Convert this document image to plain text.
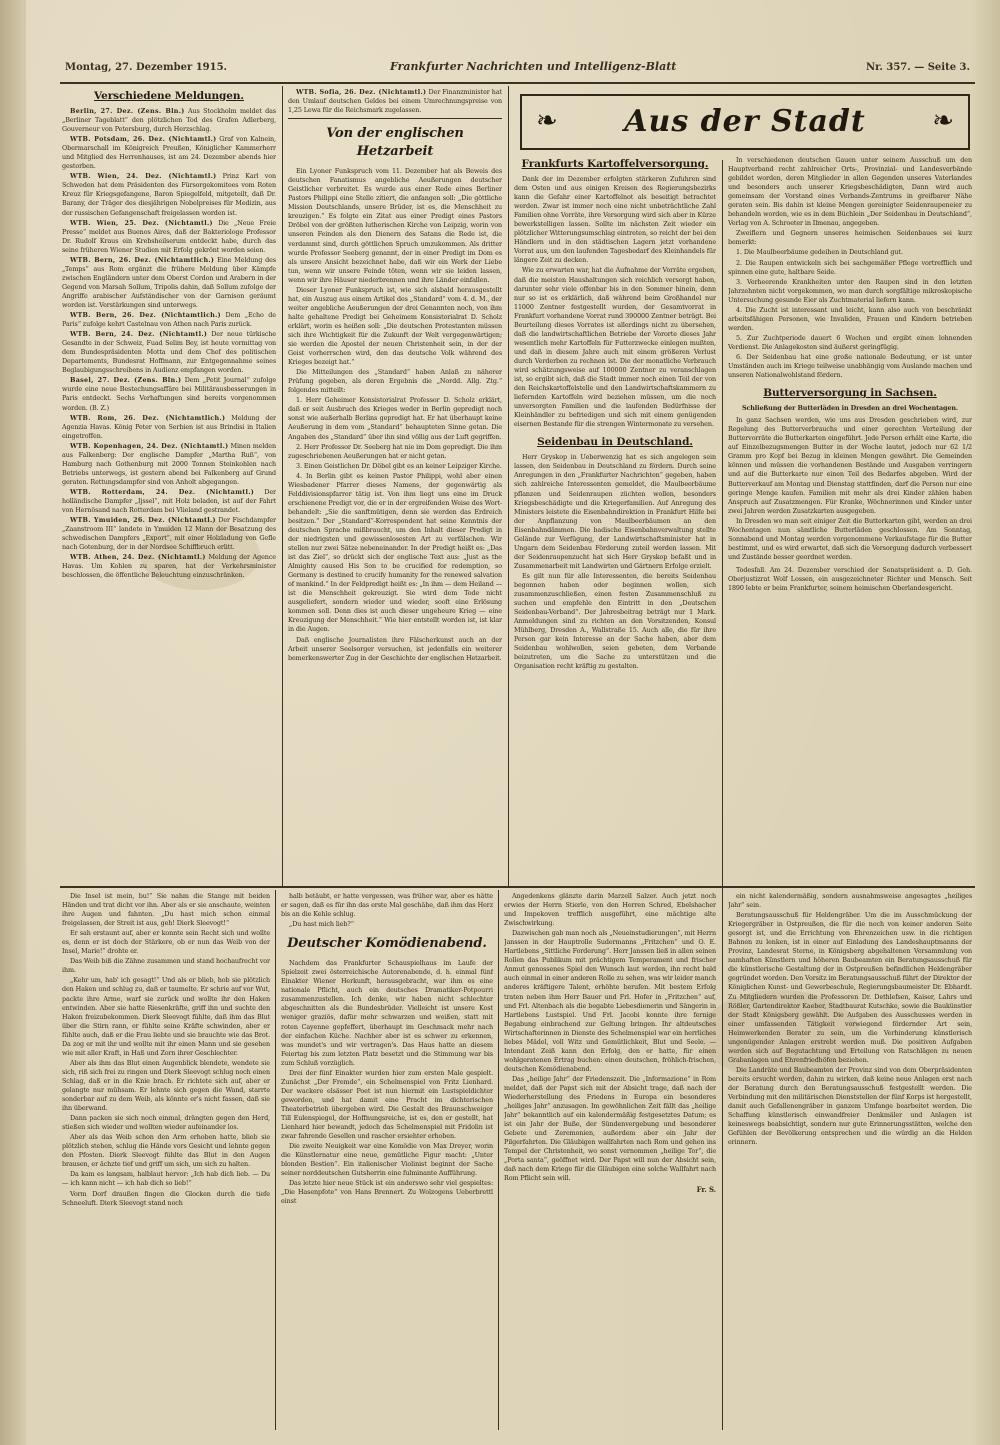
Montag, 27. Dezember 1915.	Frankfurter Nachrichten und Intelligenz-Blatt	Nr. 357. — Seite 3.
Verschiedene Meldungen.

Berlin, 27. Dez. (Zens. Bln.) Aus Stockholm meldet das „Berliner Tageblatt“ den plötzlichen Tod des Grafen Adlerberg, Gouverneur von Petersburg, durch Herzschlag.

WTB. Potsdam, 26. Dez. (Nichtamtl.) Graf von Kalnein, Obermarschall im Königreich Preußen, Königlicher Kammerherr und Mitglied des Herrenhauses, ist am 24. Dezember abends hier gestorben.

WTB. Wien, 24. Dez. (Nichtamtl.) Prinz Karl von Schweden hat dem Präsidenten des Fürsorgekomitees vom Roten Kreuz für Kriegsgefangene, Baron Spiegelfeld, mitgeteilt, daß Dr. Barany, der Träger des diesjährigen Nobelpreises für Medizin, aus der russischen Gefangenschaft freigelassen worden ist.

WTB. Wien, 25. Dez. (Nichtamtl.) Die „Neue Freie Presse“ meldet aus Buenos Aires, daß der Bakteriologe Professor Dr. Rudolf Kraus ein Krebsheilserum entdeckt habe, durch das seine früheren Wiener Studien mit Erfolg gekrönt worden seien.

WTB. Bern, 26. Dez. (Nichtamtlich.) Eine Meldung des „Temps“ aus Rom ergänzt die frühere Meldung über Kämpfe zwischen Engländern unter dem Oberst Cordon und Arabern in der Gegend von Marsah Sollum, Tripolis dahin, daß Sollum zufolge der Angriffe arabischer Aufständischer von der Garnison geräumt worden ist. Verstärkungen sind unterwegs.

WTB. Bern, 26. Dez. (Nichtamtlich.) Dem „Echo de Paris“ zufolge kehrt Castelnau von Athen nach Paris zurück.

WTB. Bern, 24. Dez. (Nichtamtl.) Der neue türkische Gesandte in der Schweiz, Fuad Selim Bey, ist heute vormittag von dem Bundespräsidenten Motta und dem Chef des politischen Departements, Bundesrat Hoffmann, zur Entgegennahme seines Beglaubigungsschreibens in Audienz empfangen worden.

Basel, 27. Dez. (Zens. Bln.) Dem „Petit Journal“ zufolge wurde eine neue Bestechungsaffäre bei Militärausbesserungen in Paris entdeckt. Sechs Verhaftungen sind bereits vorgenommen worden. (B. Z.)

WTB. Rom, 26. Dez. (Nichtamtlich.) Meldung der Agenzia Havas. König Peter von Serbien ist aus Brindisi in Italien eingetroffen.

WTB. Kopenhagen, 24. Dez. (Nichtamtl.) Minen melden aus Falkenberg: Der englische Dampfer „Martha Ruß“, von Hamburg nach Gothenburg mit 2000 Tonnen Steinkohlen nach Betriebs unterwegs, ist gestern abend bei Falkenberg auf Grund geraten. Rettungsdampfer sind von Anholt abgegangen.

WTB. Rotterdam, 24. Dez. (Nichtamtl.) Der holländische Dampfer „Ijssel“, mit Holz beladen, ist auf der Fahrt von Hernösand nach Rotterdam bei Vlieland gestrandet.

WTB. Ymuiden, 26. Dez. (Nichtamtl.) Der Fischdampfer „Zaanstroom III“ landete in Ymuiden 12 Mann der Besatzung des schwedischen Dampfers „Export“, mit einer Holzladung von Gefle nach Gotenburg, der in der Nordsee Schiffbruch erlitt.

WTB. Athen, 24. Dez. (Nichtamtl.) Meldung der Agence Havas. Um Kohlen zu sparen, hat der Verkehrsminister beschlossen, die öffentliche Beleuchtung einzuschränken.

WTB. Sofia, 26. Dez. (Nichtamtl.) Der Finanzminister hat den Umlauf deutschen Geldes bei einem Umrechnungspreise von 1,25 Lewa für die Reichsmark zugelassen.

Von der englischen Hetzarbeit

Ein Lyoner Funkspruch vom 11. Dezember hat als Beweis des deutschen Fanatismus angebliche Aeußerungen deutscher Geistlicher verbreitet. Es wurde aus einer Rede eines Berliner Pastors Philippi eine Stelle zitiert, die anfangen soll: „Die göttliche Mission Deutschlands, unsere Brüder, ist es, die Menschheit zu kreuzigen.“ Es folgte ein Zitat aus einer Predigt eines Pastors Dröbel von der größten lutherischen Kirche von Leipzig, worin von unseren Feinden als den Dienern des Satans die Rede ist, die verdammt sind, durch göttlichen Spruch umzukommen. Als dritter wurde Professor Seeberg genannt, der in einer Predigt im Dom es als unsere Ansicht bezeichnet habe, daß wir ein Werk der Liebe tun, wenn wir unsere Feinde töten, wenn wir sie leiden lassen, wenn wir ihre Häuser niederbrennen und ihre Länder einfallen.

Dieser Lyoner Funkspruch ist, wie sich alsbald herausgestellt hat, ein Auszug aus einem Artikel des „Standard“ vom 4. d. M., der weiter angebliche Aeußerungen der drei Genannten noch, von ihm halte gehaltene Predigt bei Geheimem Konsistorialrat D. Scholz erklärt, worin es heißen soll: „Die deutschen Protestanten müssen sich ihre Wichtigkeit für die Zukunft der Welt vergegenwärtigen; sie werden die Apostel der neuen Christenheit sein, in der der Geist vorherrschen wird, den das deutsche Volk während des Krieges bezeigt hat.“

Die Mitteilungen des „Standard“ haben Anlaß zu näherer Prüfung gegeben, als deren Ergebnis die „Nordd. Allg. Ztg.“ folgendes mitteilt:

1. Herr Geheimer Konsistorialrat Professor D. Scholz erklärt, daß er seit Ausbruch des Krieges weder in Berlin gepredigt noch sonst wie außerhalb Berlins gepredigt hat. Er hat überhaupt keine Aeußerung in dem vom „Standard“ behaupteten Sinne getan. Die Angaben des „Standard“ über ihn sind völlig aus der Luft gegriffen.

2. Herr Professor Dr. Seeberg hat nie im Dom gepredigt. Die ihm zugeschriebenen Aeußerungen hat er nicht getan.

3. Einen Geistlichen Dr. Döbel gibt es an keiner Leipziger Kirche.

4. In Berlin gibt es keinen Pastor Philippi, wohl aber einen Wiesbadener Pfarrer dieses Namens, der gegenwärtig als Felddivisionspfarrer tätig ist. Von ihm liegt uns eine im Druck erschienene Predigt vor, die er in der ergreifenden Weise des Wort-behandelt: „Sie die sanftmütigen, denn sie werden das Erdreich besitzen.“ Der „Standard“-Korrespondent hat seine Kenntnis der deutschen Sprache mißbraucht, um den Inhalt dieser Predigt in der niedrigsten und gewissenlosesten Art zu verfälschen. Wir stellen nur zwei Sätze nebeneinander. In der Predigt heißt es: „Das ist das Ziel“, so drückt sich der englische Text aus: „Just as the Almighty caused His Son to be crucified for redemption, so Germany is destined to crucify humanity for the renewed salvation of mankind.“ In der Feldpredigt heißt es: „In ihm — dem Heiland — ist die Menschheit gekreuzigt. Sie wird dem Tode nicht ausgeliefert, sondern wieder und wieder, sooft eine Erlösung kommen soll. Denn dies ist auch dieser ungeheure Krieg — eine Kreuzigung der Menschheit.“ Wie hier entstellt worden ist, ist klar in die Augen.

Daß englische Journalisten ihre Fälscherkunst auch an der Arbeit unserer Seelsorger versuchen, ist jedenfalls ein weiterer bemerkenswerter Zug in der Geschichte der englischen Hetzarbeit.

❧	Aus der Stadt	❧
Frankfurts Kartoffelversorgung.

Dank der im Dezember erfolgten stärkeren Zufuhren sind dem Osten und aus einigen Kreisen des Regierungsbezirks kann die Gefahr einer Kartoffelnot als beseitigt betrachtet werden. Zwar ist immer noch eine nicht unbeträchtliche Zahl Familien ohne Vorräte, ihre Versorgung wird sich aber in Kürze bewerkstelligen lassen. Sollte im nächsten Zeit wieder ein plötzlicher Witterungsumschlag eintreten, so reicht der bei den Händlern und in den städtischen Lagern jetzt vorhandene Vorrat aus, um den laufenden Tagesbedarf des Kleinhandels für längere Zeit zu decken.

Wie zu erwarten war, hat die Aufnahme der Vorräte ergeben, daß die meisten Haushaltungen sich reichlich versorgt haben, darunter sehr viele offenbar bis in den Sommer hinein, denn nur so ist es erklärlich, daß während beim Großhandel nur 11000 Zentner festgestellt wurden, der Gesamtvorrat in Frankfurt vorhandene Vorrat rund 390000 Zentner beträgt. Bei Beurteilung dieses Vorrates ist allerdings nicht zu übersehen, daß die landwirtschaftlichen Betriebe der Vororte dieses Jahr wesentlich mehr Kartoffeln für Futterzwecke einlegen mußten, und daß in diesem Jahre auch mit einem größeren Verlust durch Verderben zu rechnen ist. Die der monatliche Verbrauch wird schätzungsweise auf 100000 Zentner zu veranschlagen ist, so ergibt sich, daß die Stadt immer noch einen Teil der von den Reichskartoffelstelle und den Landwirtschaftskammern zu liefernden Kartoffeln wird beziehen müssen, um die noch unversorgten Familien und die laufenden Bedürfnisse der Kleinhändler zu befriedigen und sich mit einem genügenden eisernen Bestande für die strengen Wintermonate zu versehen.

Seidenbau in Deutschland.

Herr Gryskop in Ueberwenzig hat es sich angelegen sein lassen, den Seidenbau in Deutschland zu fördern. Durch seine Anregungen in den „Frankfurter Nachrichten“ gegeben, haben sich zahlreiche Interessenten gemeldet, die Maulbeerbäume pflanzen und Seidenraupen züchten wollen, besonders Kriegsbeschädigte und die Kriegerfamilien. Auf Anregung des Ministers leistete die Eisenbahndirektion in Frankfurt Hilfe bei der Anpflanzung von Maulbeerbäumen an den Eisenbahndämmen. Die badische Eisenbahnverwaltung stellte Gelände zur Verfügung, der Landwirtschaftsminister hat in Ungarn dem Seidenbau Förderung zuteil werden lassen. Mit der Seidenraupenzucht hat sich Herr Gryskop befaßt und in Zusammenarbeit mit Landwirten und Gärtnern Erfolge erzielt.

Es gilt nun für alle Interessenten, die bereits Seidenbau begonnen haben oder beginnen wollen, sich zusammenzuschließen, einen festen Zusammenschluß zu suchen und empfehle den Eintritt in den „Deutschen Seidenbau-Verband“. Der Jahresbeitrag beträgt nur 1 Mark. Anmeldungen sind zu richten an den Vorsitzenden, Konsul Mühlberg, Dresden A., Wallstraße 15. Auch alle, die für ihre Person gar kein Interesse an der Sache haben, aber dem Seidenbau wohlwollen, seien gebeten, dem Verbande beizutreten, um die Sache zu unterstützen und die Organisation recht kräftig zu gestalten.

In verschiedenen deutschen Gauen unter seinem Ausschuß um den Hauptverband recht zahlreicher Orts-, Provinzial- und Landesverbände gebildet worden, deren Mitglieder in allen Gegenden unseres Vaterlandes und besonders auch unserer Kriegsbeschädigten, Dann wird auch gemeinsam der Vorstand eines Verbands-Zentrums in greifbarer Nähe geraten sein. Bis dahin ist kleine Mengen gereinigter Seidenraupeneier zu behandeln worden, wie es in dem Büchlein „Der Seidenbau in Deutschland“, Verlag von A. Schroeter in Ilmenau, angegeben.

Zweiflern und Gegnern unseres heimischen Seidenbaues sei kurz bemerkt:

1. Die Maulbeerbäume gedeihen in Deutschland gut.

2. Die Raupen entwickeln sich bei sachgemäßer Pflege vortrefflich und spinnen eine gute, haltbare Seide.

3. Verheerende Krankheiten unter den Raupen sind in den letzten Jahrzehnten nicht vorgekommen, wo man durch sorgfältige mikroskopische Untersuchung gesunde Eier als Zuchtmaterial liefern kann.

4. Die Zucht ist interessant und leicht, kann also auch von beschränkt arbeitsfähigen Personen, wie Invaliden, Frauen und Kindern betrieben werden.

5. Zur Zuchtperiode dauert 6 Wochen und ergibt einen lohnenden Verdienst. Die Anlagekosten sind äußerst geringfügig.

6. Der Seidenbau hat eine große nationale Bedeutung, er ist unter Umständen auch im Kriege teilweise unabhängig vom Auslande machen und unseren Nationalwohlstand fördern.

Butterversorgung in Sachsen.
Schließung der Butterläden in Dresden an drei Wochentagen.

In ganz Sachsen werden, wie uns aus Dresden geschrieben wird, zur Regelung des Butterverbrauchs und einer gerechten Verteilung der Buttervorräte die Butterkarten eingeführt. Jede Person erhält eine Karte, die auf Einzelbezugsmengen Butter in der Woche lautet, jedoch nur 62 1/2 Gramm pro Kopf bei Bezug in kleinen Mengen gewährt. Die Gemeinden können und müssen die vorhandenen Bestände und Ausgaben verringern und auf die Butterkarte nur einen Teil des Bedarfes abgeben. Wird der Butterverkauf am Montag und Dienstag stattfinden, darf die Person nur eine geringe Menge kaufen. Familien mit mehr als drei Kinder zählen haben Anspruch auf Zusatzmengen. Für Kranke, Wöchnerinnen und Kinder unter zwei Jahren werden Zusatzkarten ausgegeben.

In Dresden wo man seit einiger Zeit die Butterkarten gibt, werden an drei Wochentagen nun sämtliche Butterläden geschlossen. Am Sonntag, Sonnabend und Montag werden vorgenommene Verkaufstage für die Butter bestimmt, und es wird erwartet, daß sich die Versorgung dadurch verbessert und Zustände besser geordnet werden.

Todesfall. Am 24. Dezember verschied der Senatspräsident a. D. Geh. Oberjustizrat Wolf Lossen, ein ausgezeichneter Richter und Mensch. Seit 1890 lebte er beim Frankfurter, seinem heimischen Oberlandesgericht.

Die Insel ist mein, bu!“ Sie nahm die Stange mit beiden Händen und trat dicht vor ihn. Aber als er sie anschaute, weinten ihre Augen und fahnten. „Du hast mich schon einmal freigelassen, der Streit ist aus, geh! Dierk Sleevogt!“

Er sah erstaunt auf, aber er konnte sein Recht sich und wollte es, denn er ist doch der Stärkere, ob er nun das Weib von der Insel, Marie!“ drohte er.

Das Weib biß die Zähne zusammen und stand hochaufrecht vor ihm.

„Kehr um, hab' ich gesagt!“ Und als er blieb, hob sie plötzlich den Haken und schlug zu, daß er taumelte. Er schrie auf vor Wut, packte ihre Arme, warf sie zurück und wollte ihr den Haken entwinden. Aber sie hatte Riesenkräfte, griff ihn und suchte den Haken freizubekommen. Dierk Sleevogt fühlte, daß ihm das Blut über die Stirn rann, er fühlte seine Kräfte schwinden, aber er fühlte auch, daß er die Frau liebte und sie brauchte wie das Brot. Da zog er mit ihr und wollte mit ihr einen Mann und sie gesehen wie mit aller Kraft, in Haß und Zorn ihrer Geschlechter.

Aber als ihm das Blut einen Augenblick blendete, wendete sie sich, riß sich frei zu ringen und Dierk Sleevogt schlug noch einen Schlag, daß er in die Knie brach. Er richtete sich auf, aber er gelangte nur mühsam. Er lehnte sich gegen die Wand, starrte sonderbar auf zu dem Weib, als könnte er's nicht fassen, daß sie ihn überwand.

Dann packen sie sich noch einmal, drängten gegen den Herd, stießen sich wieder und wollten wieder aufeinander los.

Aber als das Weib schon den Arm erhoben hatte, blieb sie plötzlich stehen, schlug die Hände vors Gesicht und lehnte gegen den Pfosten. Dierk Sleevogt fühlte das Blut in den Augen brausen, er ächzte tief und griff um sich, um sich zu halten.

Da kam es langsam, halblaut hervor: „Ich hab dich lieb. — Du — ich kann nicht — ich hab dich so lieb!“

Vorm Dorf draußen fingen die Glocken durch die tiefe Schneeluft. Dierk Sleevogt stand noch

halb betäubt, er hatte vergessen, was früher war, aber es hätte er sagen, daß es für ihn das erste Mal geschähe, daß ihm das Herz bis an die Kehle schlug.

„Du hast mich lieb?“

Deutscher Komödienabend.

Nachdem das Frankfurter Schauspielhaus im Laufe der Spielzeit zwei österreichische Autorenabende, d. h. einmal fünf Einakter Wiener Herkunft, herausgebracht, war ihm es eine nationale Pflicht, auch ein deutsches Dramatiker-Potpourri zusammenzustellen. Ich denke, wir haben nicht schlechter abgeschnitten als die Bundesbrüder. Vielleicht ist unsere Kost weniger graziös, dafür mehr schwarzen und weißen, statt mit roten Cayenne gepfeffert, überhaupt im Geschmack mehr nach der einfachen Küche. Nachher aber ist es schwer zu erkennen, was mundet's und wir vertragen's. Das Haus hatte an diesem Feiertag bis zum letzten Platz besetzt und die Stimmung war bis zum Schluß vorzüglich.

Drei der fünf Einakter wurden hier zum ersten Male gespielt. Zunächst „Der Fremde“, ein Schelmenspiel von Fritz Lienhard. Der wackere elsässer Poet ist nun hiermit ein Lustspieldichter geworden, und hat damit eine Pracht im dichterischen Theaterbetrieb übergeben wird. Die Gestalt des Braunschweiger Till Eulenspiegel, der Hoffnungsreiche, ist es, den er gestellt, hat Lienhard hier bewandt, jedoch das Schelmenspiel mit Fridolin ist zwar fahrende Gesellen und rascher ersiehter erhoben.

Die zweite Neuigkeit war eine Komödie von Max Dreyer, worin die Künstlernatur eine neue, gemütliche Figur macht: „Unter blonden Bestien“. Ein italienischer Violinist beginnt der Sache seiner norddeutschen Gutsherrin eine fulminante Aufführung.

Das letzte hier neue Stück ist ein anderswo sehr viel gespieltes: „Die Hasenpfote“ von Hans Brennert. Zu Wolzogens Ueberbrettl einst

Angedenkens glänzte darin Marzell Salzer. Auch jetzt noch erwies der Herrn Stierle, von den Herren Schred, Ebelshacher und Impekoven trefflich ausgeführt, eine mächtige alte Zwischwirkung.

Dazwischen gab man noch als „Neueinstudierungen“, mit Herrn Janssen in der Hauptrolle Sudermanns „Fritzchen“ und O. E. Hartlebens „Sittliche Forderung“. Herr Janssen ließ in allen seinen Rollen das Publikum mit prächtigem Temperament und frischer Anmut genossenes Spiel den Wunsch laut werden, ihn recht bald auch einmal in einer anderen Rolle zu sehen, was wir leider manch anderes kräftigere Talent, erhöhte berufen. Mit bestem Erfolg traten neben ihm Herr Bauer und Frl. Hofer in „Fritzchen“ auf, und Frl. Altenbach als die begabte Liebesdienerin und Sängerin in Hartlebens Lustspiel. Und Frl. Jacobi konnte ihre fernige Begabung einbrachend zur Geltung bringen. Ihr altdeutsches Wirtschafterinnen in Dienste des Schelmenspiel war ein herrliches liebes Mädel, voll Witz und Gemütlichkeit, Blut und Seele. — Intendant Zeiß kann den Erfolg, den er hatte, für einen wohlgeratenen Ertrag buchen: einen deutschen, fröhlich-frischen, deutschen Komödienabend.

Das „heilige Jahr“ der Friedenszeit. Die „Informazione“ in Rom meldet, daß der Papst sich mit der Absicht trage, daß nach der Wiederherstellung des Friedens in Europa ein besonderes „heiliges Jahr“ anzusagen. Im gewöhnlichen Zeit fällt das „heilige Jahr“ bekanntlich auf ein kalendermäßig festgesetztes Datum; es ist ein Jahr der Buße, der Sündenvergebung und besonderer Gebete und Zeremonien, außerdem aber ein Jahr der Pilgerfahrten. Die Gläubigen wallfahrten nach Rom und gehen ins Tempel der Christenheit, wo sonst vernommen „heilige Tor“, die „Porta santa“, geöffnet wird. Der Papst will nun der Absicht sein, daß nach dem Kriege für die Gläubigen eine solche Wallfahrt nach Rom Pflicht sein will.

Fr. S.

ein nicht kalendermäßig, sondern ausnahmsweise angesagtes „heiliges Jahr“ sein.

Beratungsausschuß für Heldengräber. Um die im Ausschmückung der Kriegergräber in Ostpreußen, die für die noch von keiner anderen Seite gesorgt ist, und die Errichtung von Ehrenzeichen usw. in die richtigen Bahnen zu lenken, ist in einer auf Einladung des Landeshauptmanns der Provinz, Landesrat Sterne, in Königsberg abgehaltenen Versammlung von namhaften Künstlern und höheren Baubeamten ein Beratungsausschuß für die künstlerische Gestaltung der in Ostpreußen befindlichen Heldengräber gegründet worden. Den Vorsitz im Beratungsausschuß führt der Direktor der Königlichen Kunst- und Gewerbeschule, Regierungsbaumeister Dr. Ebhardt. Zu Mitgliedern wurden die Professoren Dr. Dethlefsen, Kaiser, Lahrs und Rößler, Gartendirektor Kaeber, Stadtbaurat Kutschke, sowie die Baukünstler der Stadt Königsberg gewählt. Die Aufgaben des Ausschusses werden in einer umfassenden Tätigkeit vorwiegend fördernder Art sein, Heimwerkenden Berater zu sein, um die Verhinderung künstlerisch ungenügender Anlagen erstrebt werden muß. Die positiven Aufgaben werden sich auf Begutachtung und Erteilung von Ratschlägen zu neuen Grabanlagen und Ehrenfriedhöfen beziehen.

Die Landräte und Baubeamten der Provinz sind von dem Oberpräsidenten bereits ersucht worden, dahin zu wirken, daß keine neue Anlagen erst nach der Beratung durch den Beratungsausschuß festgestellt werden. Die Verbindung mit den militärischen Dienststellen der fünf Korps ist hergestellt, damit auch Gefallenengräber in ganzem Umfange bearbeitet werden. Die Schaffung künstlerisch einwandfreier Denkmäler und Anlagen ist keineswegs beabsichtigt, sondern nur gute Erinnerungsstätten, welche den Gefühlen der Bevölkerung entsprechen und die würdig an die Helden erinnern.
